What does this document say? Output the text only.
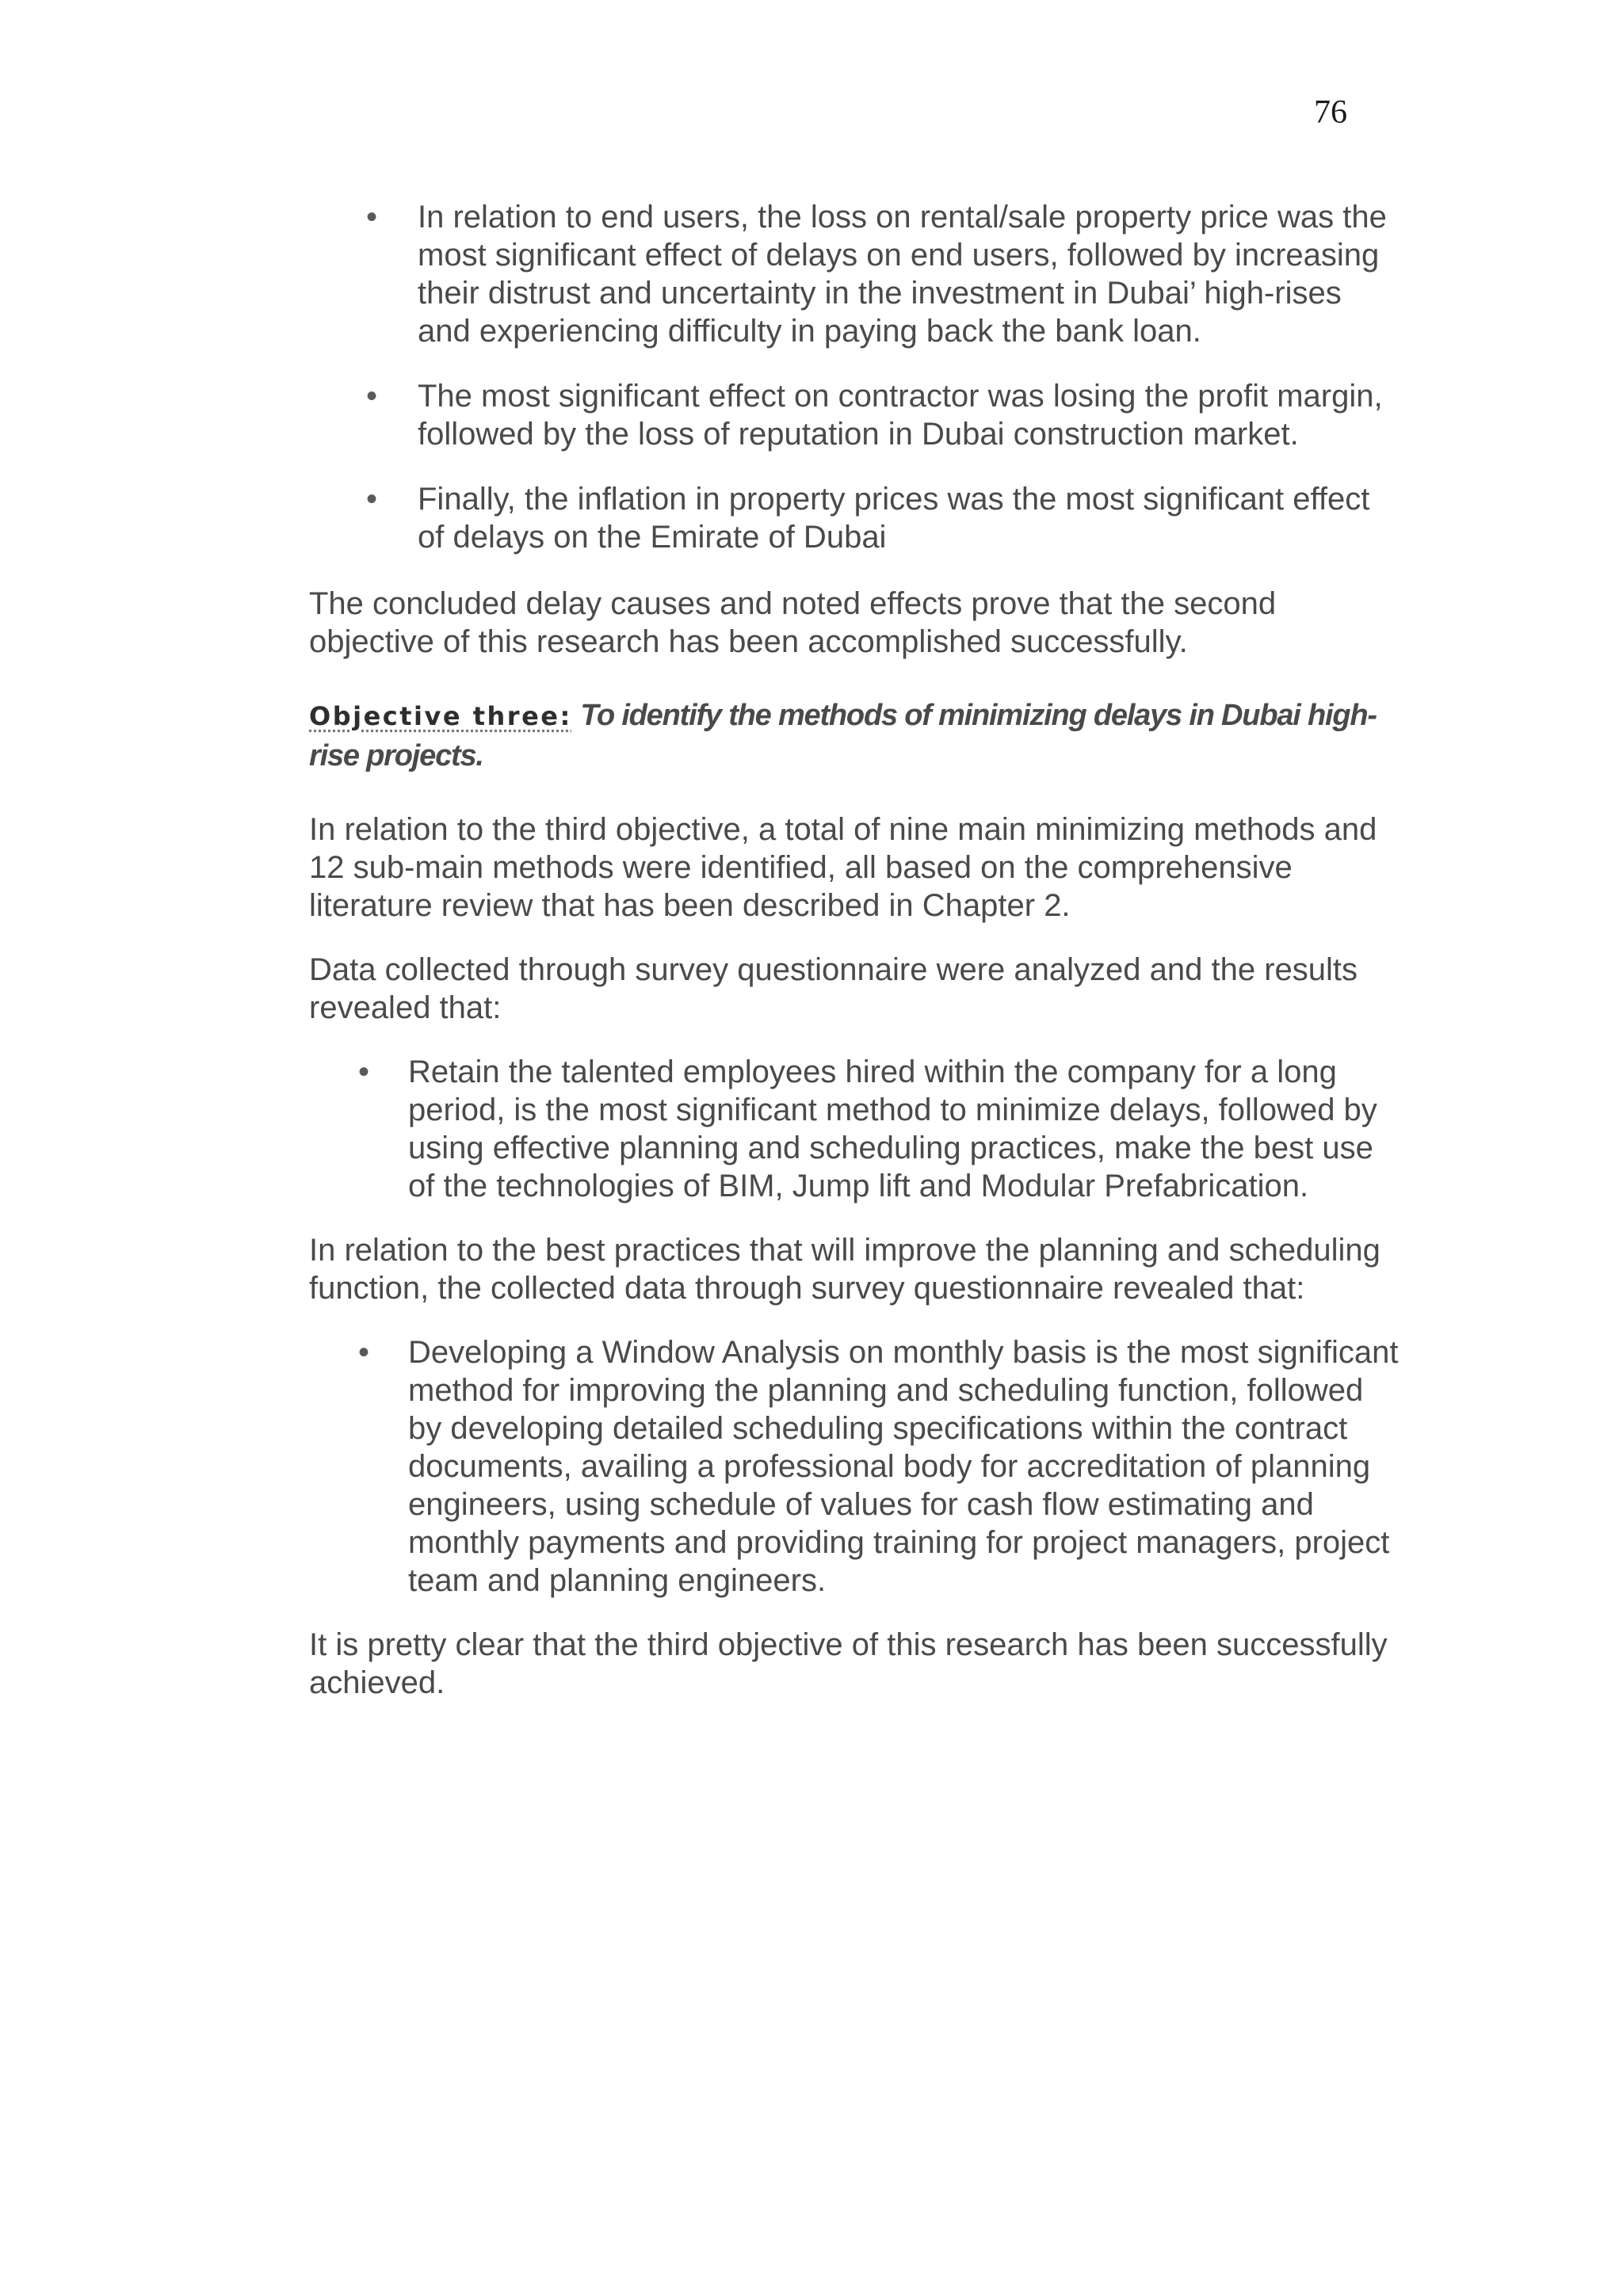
76
• In relation to end users, the loss on rental/sale property price was the most significant effect of delays on end users, followed by increasing their distrust and uncertainty in the investment in Dubai’ high-rises and experiencing difficulty in paying back the bank loan.
• The most significant effect on contractor was losing the profit margin, followed by the loss of reputation in Dubai construction market.
• Finally, the inflation in property prices was the most significant effect of delays on the Emirate of Dubai

The concluded delay causes and noted effects prove that the second objective of this research has been accomplished successfully.

Objective three: To identify the methods of minimizing delays in Dubai high-rise projects.

In relation to the third objective, a total of nine main minimizing methods and 12 sub-main methods were identified, all based on the comprehensive literature review that has been described in Chapter 2.

Data collected through survey questionnaire were analyzed and the results revealed that:

• Retain the talented employees hired within the company for a long period, is the most significant method to minimize delays, followed by using effective planning and scheduling practices, make the best use of the technologies of BIM, Jump lift and Modular Prefabrication.

In relation to the best practices that will improve the planning and scheduling function, the collected data through survey questionnaire revealed that:

• Developing a Window Analysis on monthly basis is the most significant method for improving the planning and scheduling function, followed by developing detailed scheduling specifications within the contract documents, availing a professional body for accreditation of planning engineers, using schedule of values for cash flow estimating and monthly payments and providing training for project managers, project team and planning engineers.

It is pretty clear that the third objective of this research has been successfully achieved.
